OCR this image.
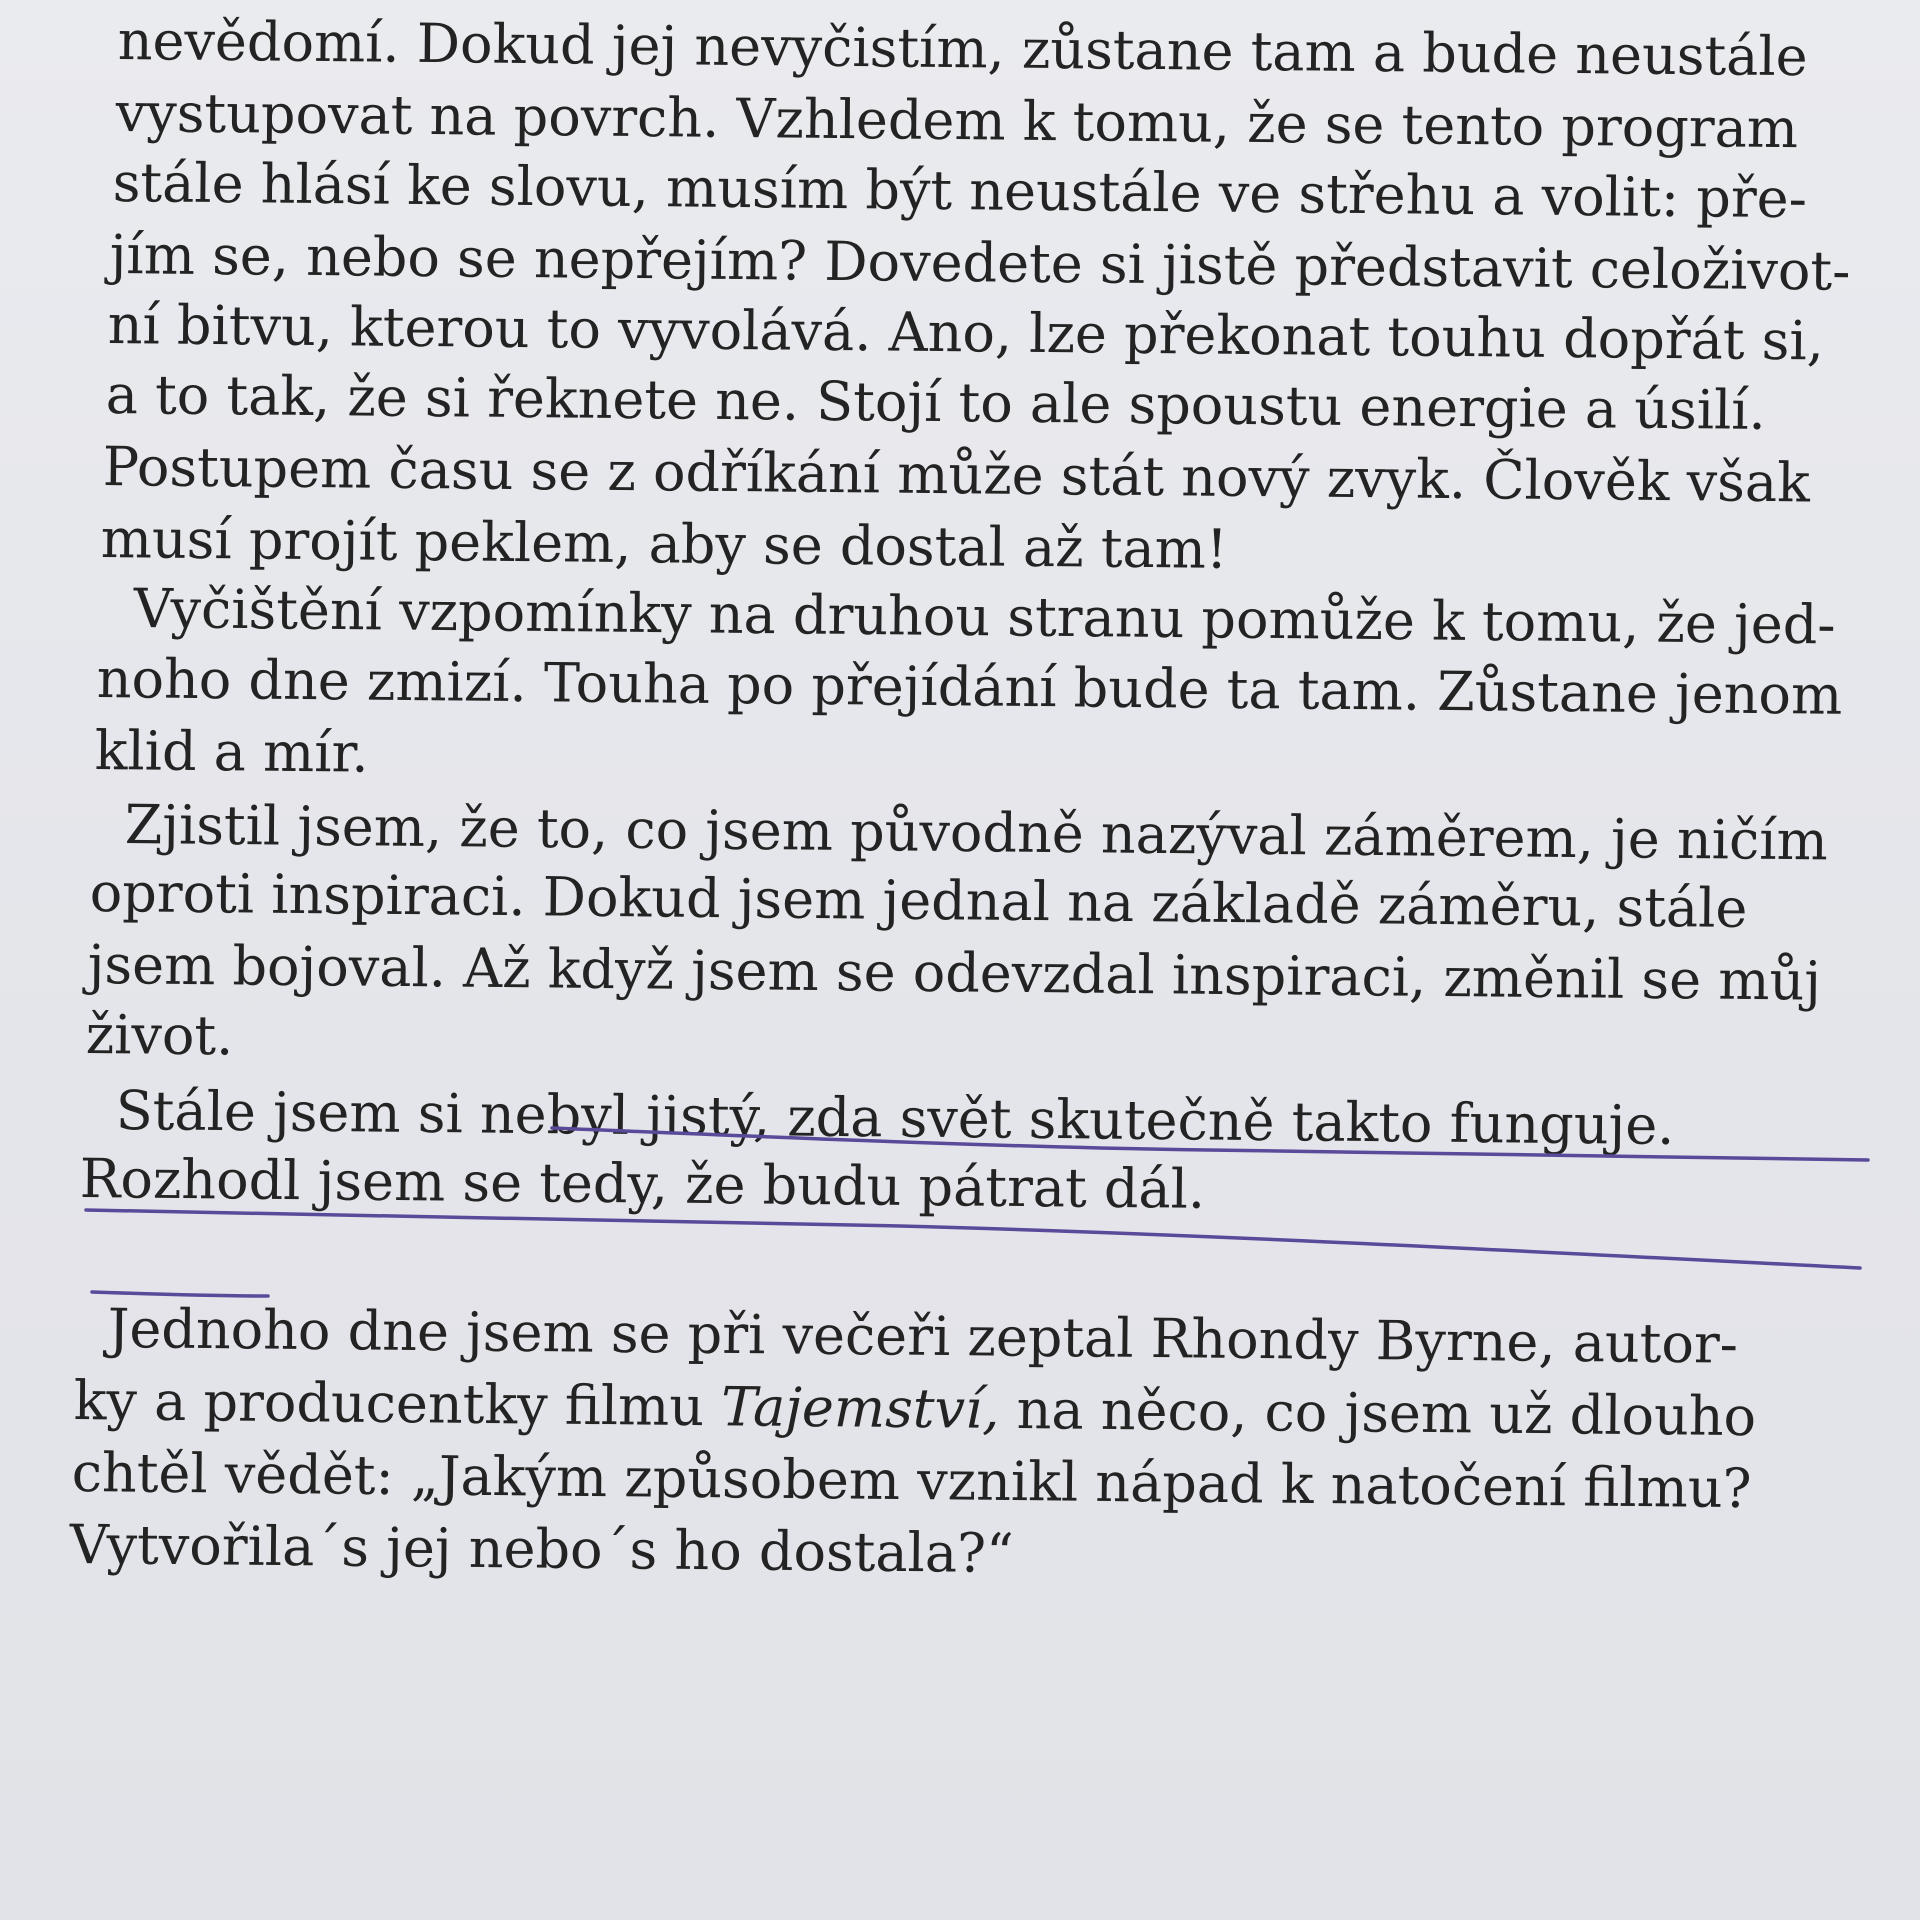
nevědomí. Dokud jej nevyčistím, zůstane tam a bude neustále
vystupovat na povrch. Vzhledem k tomu, že se tento program
stále hlásí ke slovu, musím být neustále ve střehu a volit: pře-
jím se, nebo se nepřejím? Dovedete si jistě představit celoživot-
ní bitvu, kterou to vyvolává. Ano, lze překonat touhu dopřát si,
a to tak, že si řeknete ne. Stojí to ale spoustu energie a úsilí.
Postupem času se z odříkání může stát nový zvyk. Člověk však
musí projít peklem, aby se dostal až tam!
Vyčištění vzpomínky na druhou stranu pomůže k tomu, že jed-
noho dne zmizí. Touha po přejídání bude ta tam. Zůstane jenom
klid a mír.
Zjistil jsem, že to, co jsem původně nazýval záměrem, je ničím
oproti inspiraci. Dokud jsem jednal na základě záměru, stále
jsem bojoval. Až když jsem se odevzdal inspiraci, změnil se můj
život.
Stále jsem si nebyl jistý, zda svět skutečně takto funguje.
Rozhodl jsem se tedy, že budu pátrat dál.
Jednoho dne jsem se při večeři zeptal Rhondy Byrne, autor-
ky a producentky filmu Tajemství, na něco, co jsem už dlouho
chtěl vědět: „Jakým způsobem vznikl nápad k natočení filmu?
Vytvořila´s jej nebo´s ho dostala?“
